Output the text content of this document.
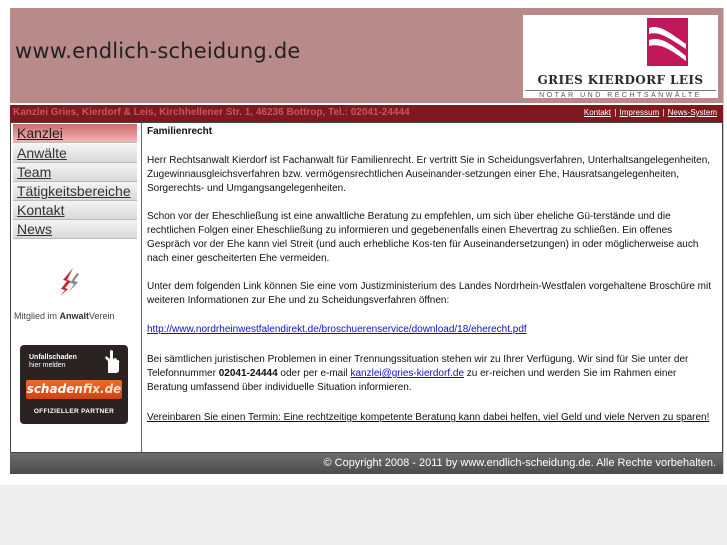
www.endlich-scheidung.de
GRIES KIERDORF LEIS
NOTAR UND RECHTSANWÄLTE
Kanzlei Gries, Kierdorf & Leis, Kirchhellener Str. 1, 46236 Bottrop, Tel.: 02041-24444	Kontakt | Impressum | News-System
Kanzlei
Anwälte
Team
Tätigkeitsbereiche
Kontakt
News
Mitglied im AnwaltVerein
Unfallschaden
hier melden
schadenfix.de
OFFIZIELLER PARTNER
Familienrecht

Herr Rechtsanwalt Kierdorf ist Fachanwalt für Familienrecht. Er vertritt Sie in Scheidungsverfahren, Unterhaltsangelegenheiten, Zugewinnausgleichsverfahren bzw. vermögensrechtlichen Auseinander-setzungen einer Ehe, Hausratsangelegenheiten, Sorgerechts- und Umgangsangelegenheiten.

Schon vor der Eheschließung ist eine anwaltliche Beratung zu empfehlen, um sich über eheliche Gü-terstände und die rechtlichen Folgen einer Eheschließung zu informieren und gegebenenfalls einen Ehevertrag zu schließen. Ein offenes Gespräch vor der Ehe kann viel Streit (und auch erhebliche Kos-ten für Auseinandersetzungen) in oder möglicherweise auch nach einer gescheiterten Ehe vermeiden.

Unter dem folgenden Link können Sie eine vom Justizministerium des Landes Nordrhein-Westfalen vorgehaltene Broschüre mit weiteren Informationen zur Ehe und zu Scheidungsverfahren öffnen:

http://www.nordrheinwestfalendirekt.de/broschuerenservice/download/18/eherecht.pdf

Bei sämtlichen juristischen Problemen in einer Trennungssituation stehen wir zu Ihrer Verfügung. Wir sind für Sie unter der Telefonnummer 02041-24444 oder per e-mail kanzlei@gries-kierdorf.de zu er-reichen und werden Sie im Rahmen einer Beratung umfassend über individuelle Situation informieren.

Vereinbaren Sie einen Termin: Eine rechtzeitige kompetente Beratung kann dabei helfen, viel Geld und viele Nerven zu sparen!

© Copyright 2008 - 2011 by www.endlich-scheidung.de. Alle Rechte vorbehalten.
